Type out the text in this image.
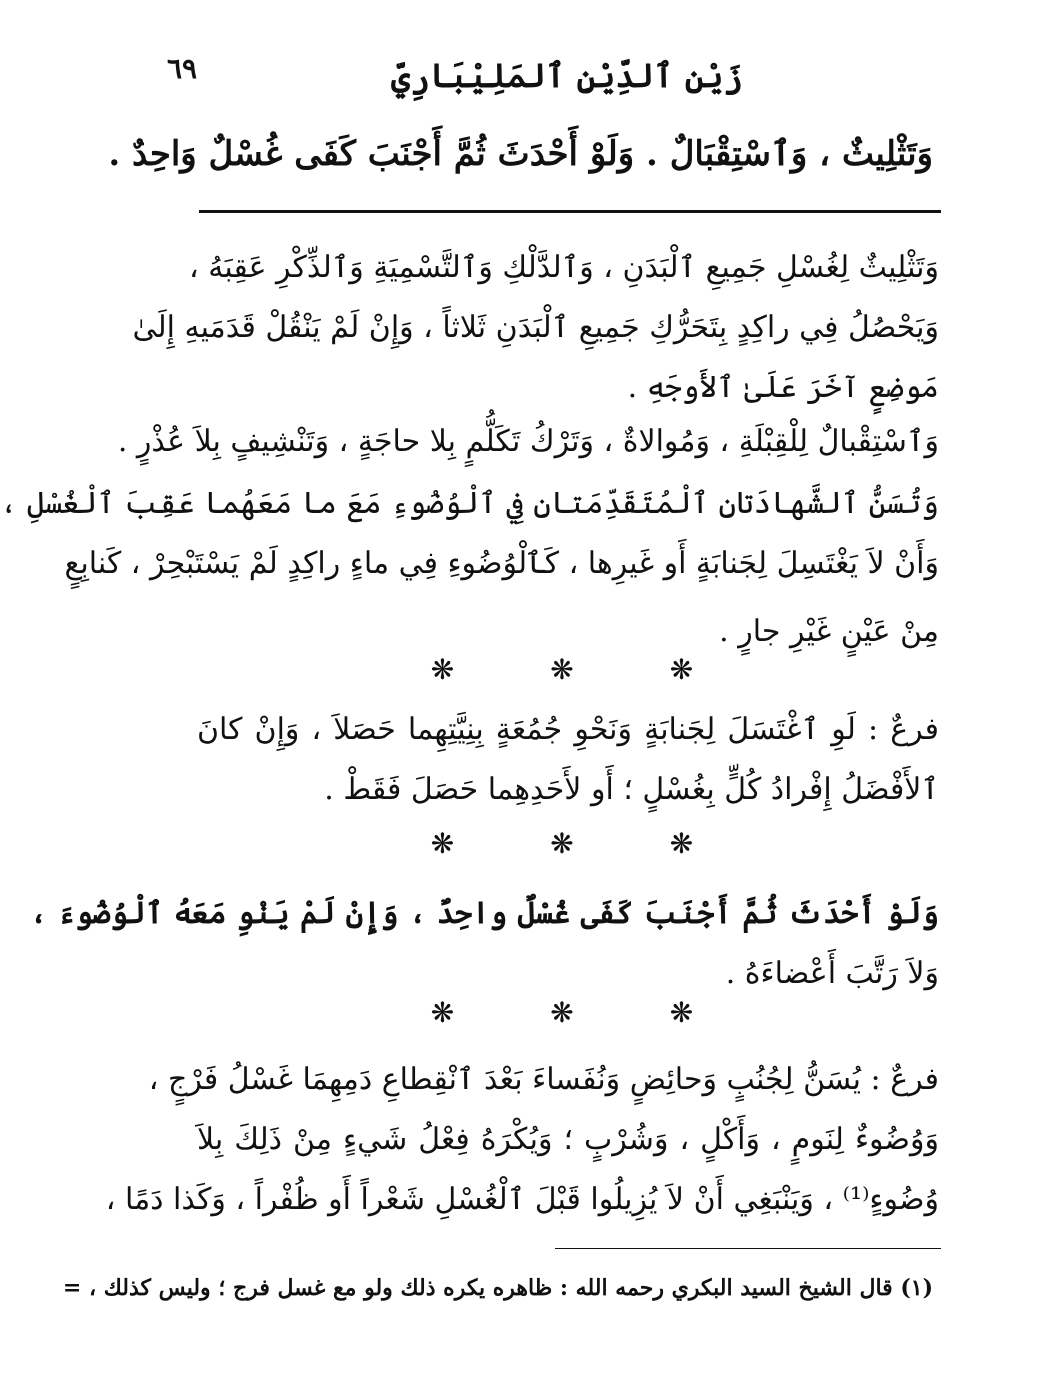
زَيْن ٱلدِّيْنِ ٱلمَلِيْبَارِيّ
٦٩
وَتَثْلِيثٌ ، وَٱسْتِقْبَالٌ . وَلَوْ أَحْدَثَ ثُمَّ أَجْنَبَ كَفَى غُسْلٌ وَاحِدٌ .
وَتَثْلِيثٌ لِغُسْلِ جَمِيعِ ٱلْبَدَنِ ، وَٱلدَّلْكِ وَٱلتَّسْمِيَةِ وَٱلذِّكْرِ عَقِبَهُ ،
وَيَحْصُلُ فِي راكِدٍ بِتَحَرُّكِ جَمِيعِ ٱلْبَدَنِ ثَلاثاً ، وَإِنْ لَمْ يَنْقُلْ قَدَمَيهِ إِلَىٰ
مَوضِعٍ آخَرَ عَلَىٰ ٱلأَوجَهِ .
وَٱسْتِقْبالٌ لِلْقِبْلَةِ ، وَمُوالاةٌ ، وَتَرْكُ تَكَلُّمٍ بِلا حاجَةٍ ، وَتَنْشِيفٍ بِلاَ عُذْرٍ .
وَتُسَنُّ ٱلشَّهادَتانِ ٱلْمُتَقَدِّمَتانِ فِي ٱلْوُضُوءِ مَعَ ما مَعَهُما عَقِبَ ٱلْغُسْلِ ،
وَأَنْ لاَ يَغْتَسِلَ لِجَنابَةٍ أَو غَيرِها ، كَٱلْوُضُوءِ فِي ماءٍ راكِدٍ لَمْ يَسْتَبْحِرْ ، كَنابِعٍ
مِنْ عَيْنٍ غَيْرِ جارٍ .
❋	❋	❋
فرعٌ : لَوِ ٱغْتَسَلَ لِجَنابَةٍ وَنَحْوِ جُمُعَةٍ بِنِيَّتِهِما حَصَلاَ ، وَإِنْ كانَ
ٱلأَفْضَلُ إِفْرادُ كُلٍّ بِغُسْلٍ ؛ أَو لأَحَدِهِما حَصَلَ فَقَطْ .
❋	❋	❋
وَلَوْ أَحْدَثَ ثُمَّ أَجْنَبَ كَفَى غُسْلٌ واحِدٌ ، وَإِنْ لَمْ يَنْوِ مَعَهُ ٱلْوُضُوءَ ،
وَلاَ رَتَّبَ أَعْضاءَهُ .
❋	❋	❋
فرعٌ : يُسَنُّ لِجُنُبٍ وَحائِضٍ وَنُفَساءَ بَعْدَ ٱنْقِطاعِ دَمِهِمَا غَسْلُ فَرْجٍ ،
وَوُضُوءٌ لِنَومٍ ، وَأَكْلٍ ، وَشُرْبٍ ؛ وَيُكْرَهُ فِعْلُ شَيءٍ مِنْ ذَلِكَ بِلاَ
وُضُوءٍ⁽¹⁾ ، وَيَنْبَغِي أَنْ لاَ يُزِيلُوا قَبْلَ ٱلْغُسْلِ شَعْراً أَو ظُفْراً ، وَكَذا دَمًا ،
(١) قال الشيخ السيد البكري رحمه الله : ظاهره يكره ذلك ولو مع غسل فرج ؛ وليس كذلك ، =
